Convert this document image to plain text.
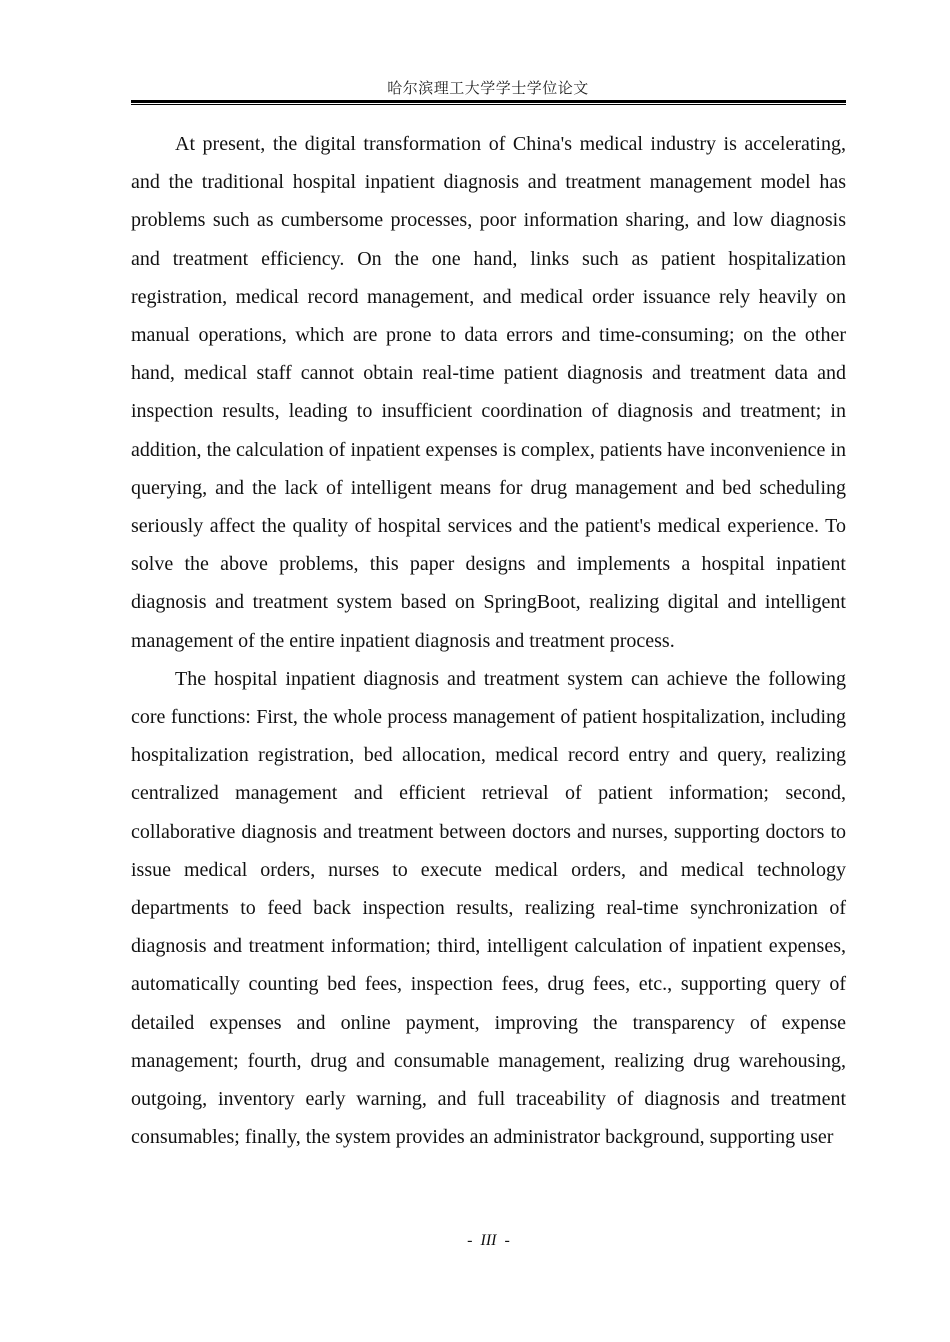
哈尔滨理工大学学士学位论文

At present, the digital transformation of China's medical industry is accelerating, and the traditional hospital inpatient diagnosis and treatment management model has problems such as cumbersome processes, poor information sharing, and low diagnosis and treatment efficiency. On the one hand, links such as patient hospitalization registration, medical record management, and medical order issuance rely heavily on manual operations, which are prone to data errors and time-consuming; on the other hand, medical staff cannot obtain real-time patient diagnosis and treatment data and inspection results, leading to insufficient coordination of diagnosis and treatment; in addition, the calculation of inpatient expenses is complex, patients have inconvenience in querying, and the lack of intelligent means for drug management and bed scheduling seriously affect the quality of hospital services and the patient's medical experience. To solve the above problems, this paper designs and implements a hospital inpatient diagnosis and treatment system based on SpringBoot, realizing digital and intelligent management of the entire inpatient diagnosis and treatment process.

The hospital inpatient diagnosis and treatment system can achieve the following core functions: First, the whole process management of patient hospitalization, including hospitalization registration, bed allocation, medical record entry and query, realizing centralized management and efficient retrieval of patient information; second, collaborative diagnosis and treatment between doctors and nurses, supporting doctors to issue medical orders, nurses to execute medical orders, and medical technology departments to feed back inspection results, realizing real-time synchronization of diagnosis and treatment information; third, intelligent calculation of inpatient expenses, automatically counting bed fees, inspection fees, drug fees, etc., supporting query of detailed expenses and online payment, improving the transparency of expense management; fourth, drug and consumable management, realizing drug warehousing, outgoing, inventory early warning, and full traceability of diagnosis and treatment consumables; finally, the system provides an administrator background, supporting user

-  III  -
